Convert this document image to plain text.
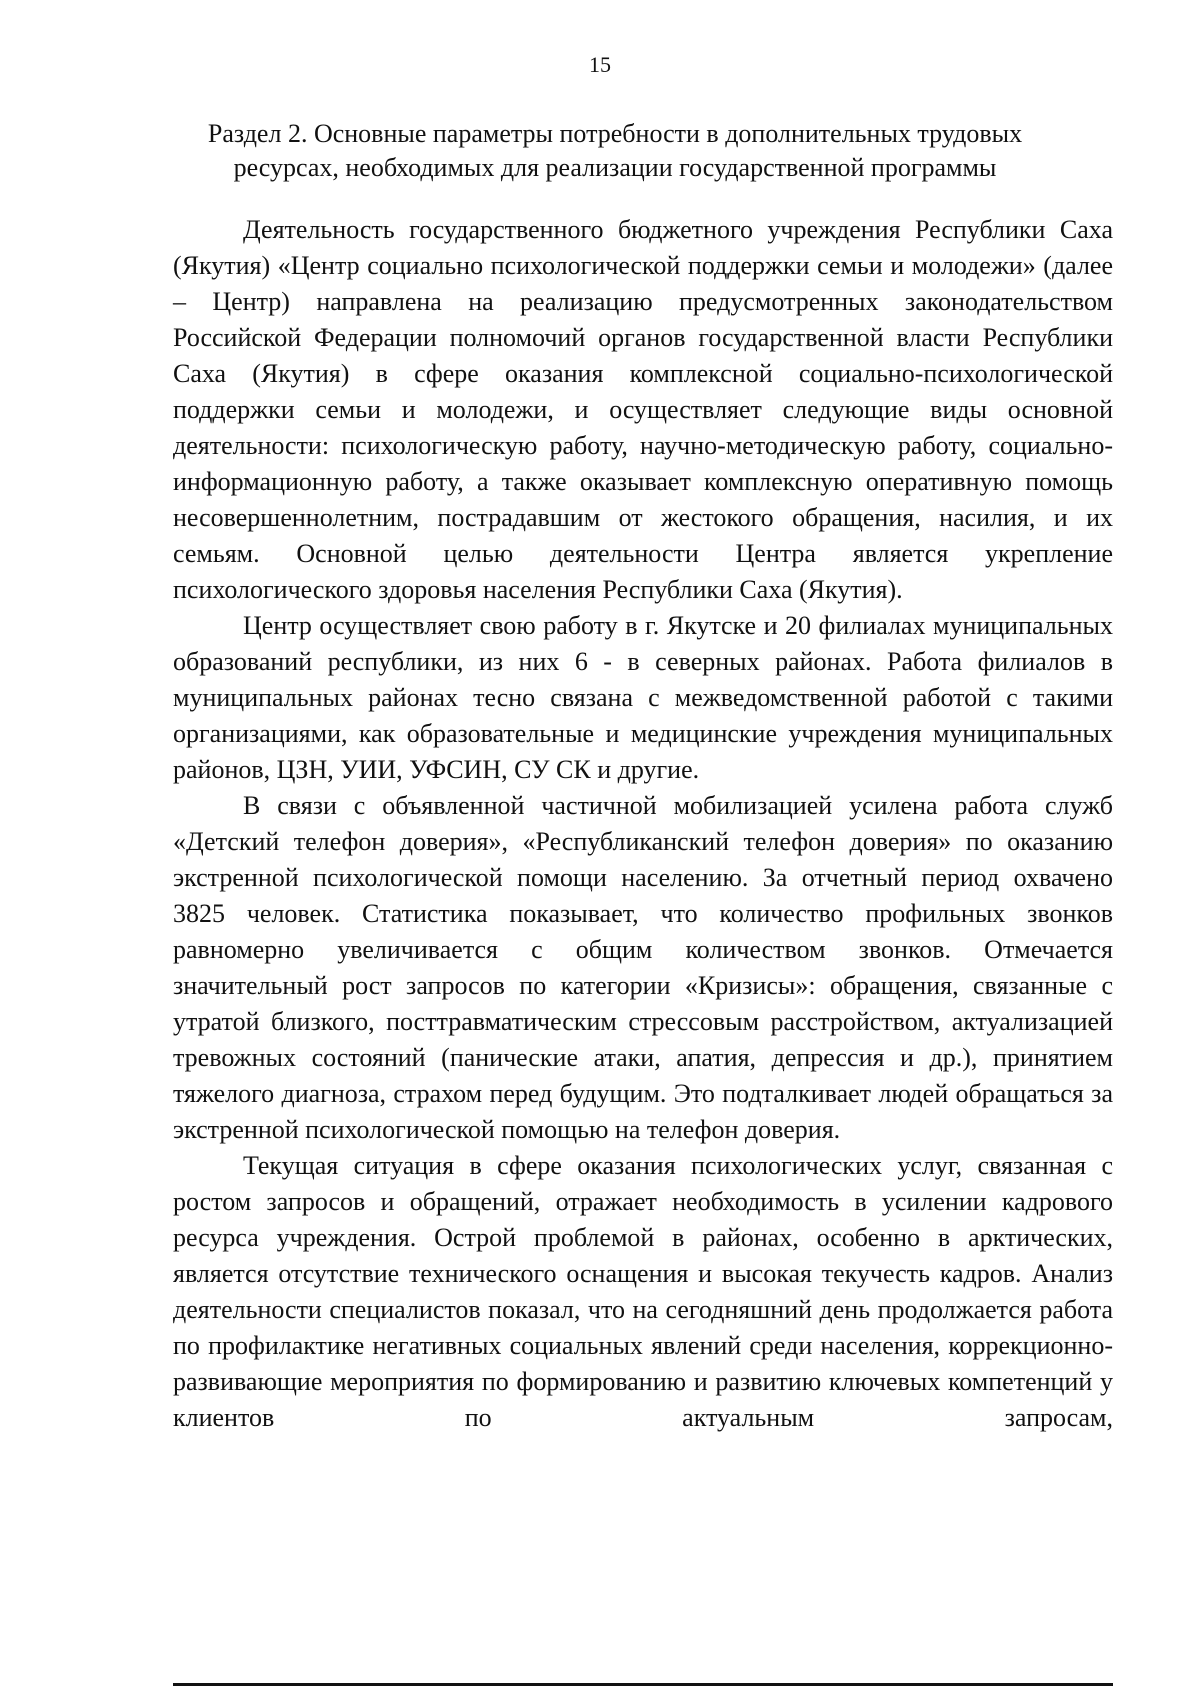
15
Раздел 2. Основные параметры потребности в дополнительных трудовых
ресурсах, необходимых для реализации государственной программы

Деятельность государственного бюджетного учреждения Республики Саха (Якутия) «Центр социально психологической поддержки семьи и молодежи» (далее – Центр) направлена на реализацию предусмотренных законодательством Российской Федерации полномочий органов государственной власти Республики Саха (Якутия) в сфере оказания комплексной социально-психологической поддержки семьи и молодежи, и осуществляет следующие виды основной деятельности: психологическую работу, научно-методическую работу, социально-информационную работу, а также оказывает комплексную оперативную помощь несовершеннолетним, пострадавшим от жестокого обращения, насилия, и их семьям. Основной целью деятельности Центра является укрепление психологического здоровья населения Республики Саха (Якутия).

Центр осуществляет свою работу в г. Якутске и 20 филиалах муниципальных образований республики, из них 6 - в северных районах. Работа филиалов в муниципальных районах тесно связана с межведомственной работой с такими организациями, как образовательные и медицинские учреждения муниципальных районов, ЦЗН, УИИ, УФСИН, СУ СК и другие.

В связи с объявленной частичной мобилизацией усилена работа служб «Детский телефон доверия», «Республиканский телефон доверия» по оказанию экстренной психологической помощи населению. За отчетный период охвачено 3825 человек. Статистика показывает, что количество профильных звонков равномерно увеличивается с общим количеством звонков. Отмечается значительный рост запросов по категории «Кризисы»: обращения, связанные с утратой близкого, посттравматическим стрессовым расстройством, актуализацией тревожных состояний (панические атаки, апатия, депрессия и др.), принятием тяжелого диагноза, страхом перед будущим. Это подталкивает людей обращаться за экстренной психологической помощью на телефон доверия.

Текущая ситуация в сфере оказания психологических услуг, связанная с ростом запросов и обращений, отражает необходимость в усилении кадрового ресурса учреждения. Острой проблемой в районах, особенно в арктических, является отсутствие технического оснащения и высокая текучесть кадров. Анализ деятельности специалистов показал, что на сегодняшний день продолжается работа по профилактике негативных социальных явлений среди населения, коррекционно-развивающие мероприятия по формированию и развитию ключевых компетенций у клиентов по актуальным запросам,
